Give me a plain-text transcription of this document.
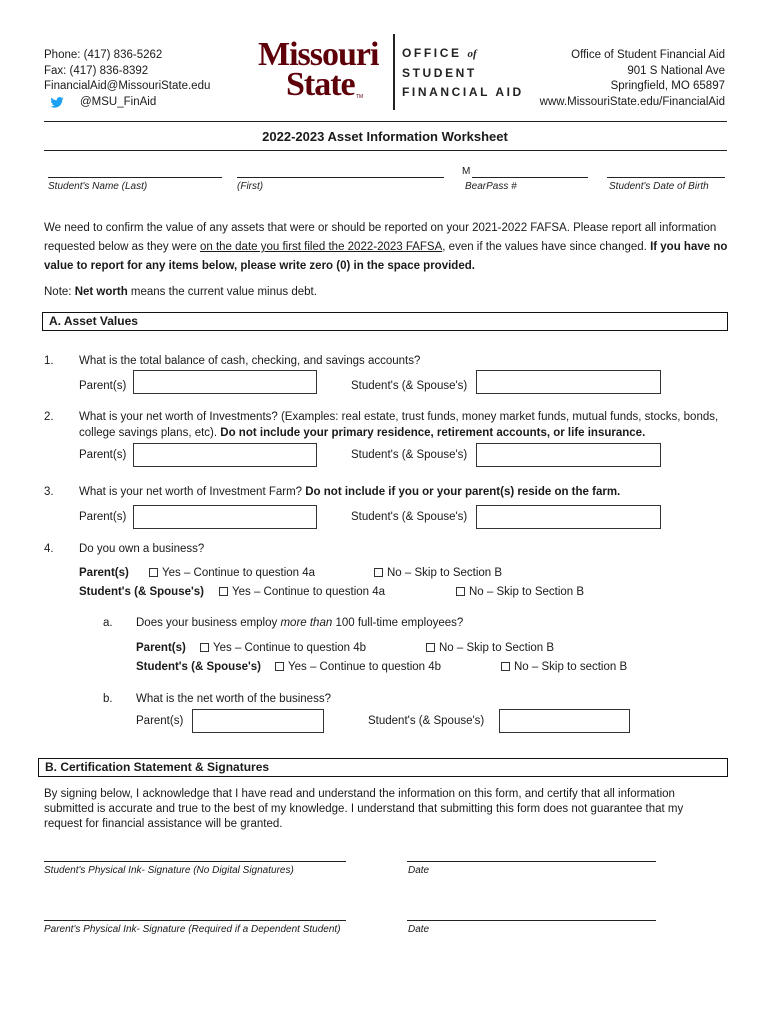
Phone: (417) 836-5262
Fax: (417) 836-8392
FinancialAid@MissouriState.edu
@MSU_FinAid
Missouri
State TM
OFFICE of
STUDENT
FINANCIAL AID
Office of Student Financial Aid
901 S National Ave
Springfield, MO 65897
www.MissouriState.edu/FinancialAid
2022-2023 Asset Information Worksheet
Student's Name (Last)	(First)
M
BearPass #	Student's Date of Birth
We need to confirm the value of any assets that were or should be reported on your 2021-2022 FAFSA. Please report all information requested below as they were on the date you first filed the 2022-2023 FAFSA, even if the values have since changed. If you have no value to report for any items below, please write zero (0) in the space provided.
Note: Net worth means the current value minus debt.
A. Asset Values
1. What is the total balance of cash, checking, and savings accounts?
Parent(s)	Student's (& Spouse's)
2. What is your net worth of Investments? (Examples: real estate, trust funds, money market funds, mutual funds, stocks, bonds, college savings plans, etc). Do not include your primary residence, retirement accounts, or life insurance.
Parent(s)	Student's (& Spouse's)
3. What is your net worth of Investment Farm? Do not include if you or your parent(s) reside on the farm.
Parent(s)	Student's (& Spouse's)
4. Do you own a business?
Parent(s)	Yes – Continue to question 4a	No – Skip to Section B
Student's (& Spouse's)	Yes – Continue to question 4a	No – Skip to Section B
a. Does your business employ more than 100 full-time employees?
Parent(s)	Yes – Continue to question 4b	No – Skip to Section B
Student's (& Spouse's)	Yes – Continue to question 4b	No – Skip to section B
b. What is the net worth of the business?
Parent(s)	Student's (& Spouse's)
B. Certification Statement & Signatures
By signing below, I acknowledge that I have read and understand the information on this form, and certify that all information submitted is accurate and true to the best of my knowledge. I understand that submitting this form does not guarantee that my request for financial assistance will be granted.
Student's Physical Ink- Signature (No Digital Signatures)	Date
Parent's Physical Ink- Signature (Required if a Dependent Student)	Date
